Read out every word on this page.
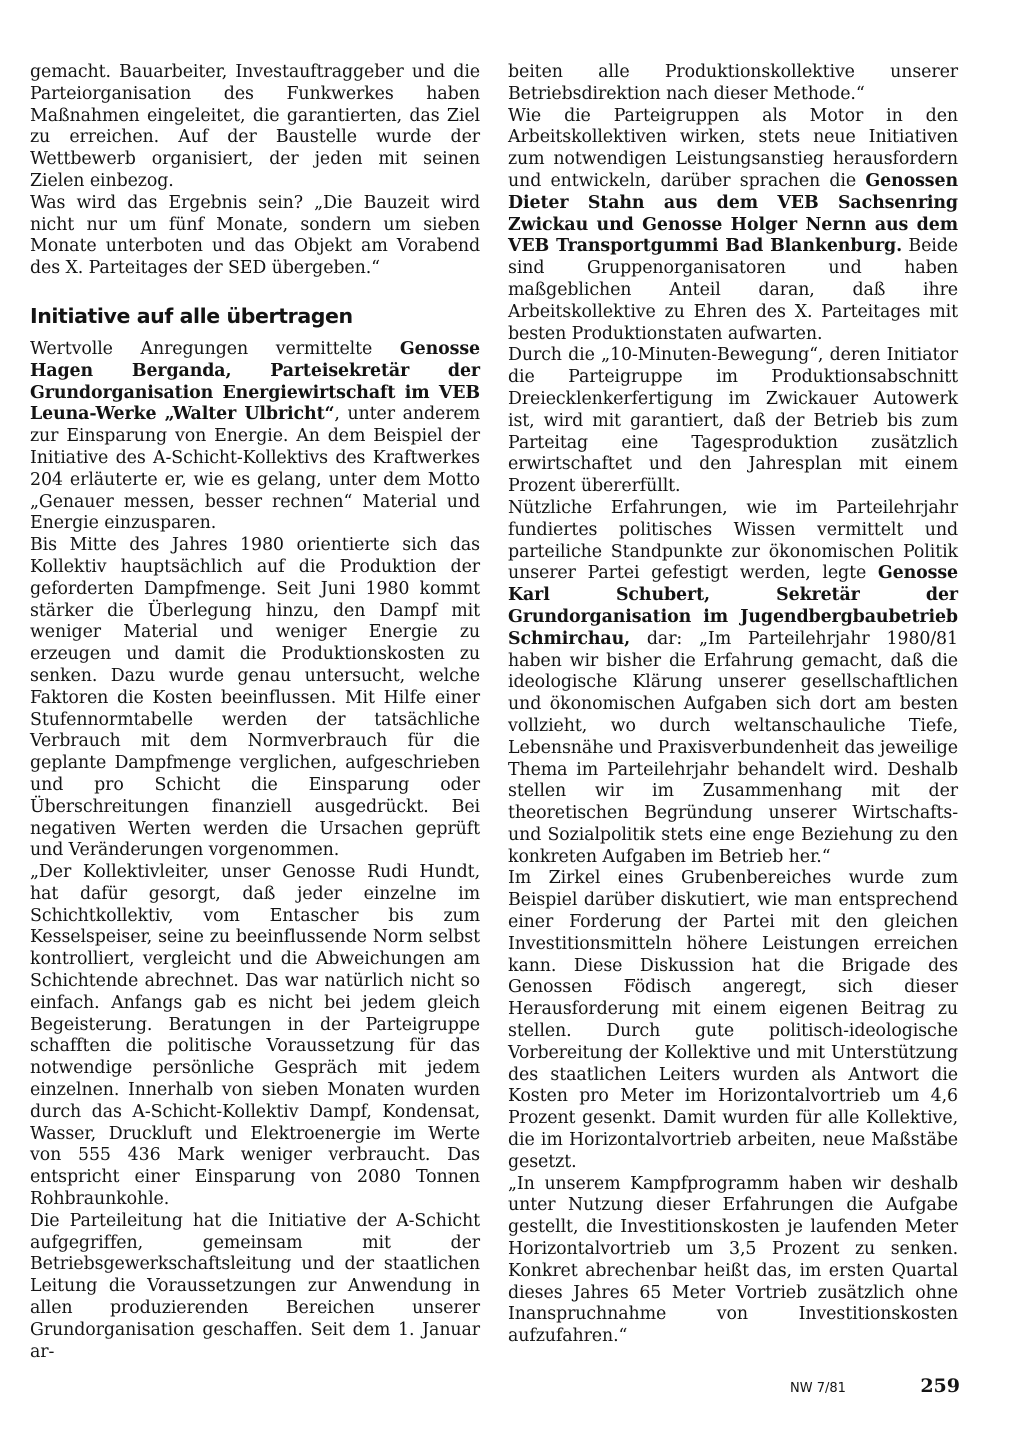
gemacht. Bauarbeiter, Investauftraggeber und die Parteiorganisation des Funkwerkes haben Maßnahmen eingeleitet, die garantierten, das Ziel zu erreichen. Auf der Baustelle wurde der Wettbewerb organisiert, der jeden mit seinen Zielen einbezog.

Was wird das Ergebnis sein? „Die Bauzeit wird nicht nur um fünf Monate, sondern um sieben Monate unterboten und das Objekt am Vorabend des X. Parteitages der SED übergeben.“

Initiative auf alle übertragen

Wertvolle Anregungen vermittelte Genosse Hagen Berganda, Parteisekretär der Grundorganisation Energiewirtschaft im VEB Leuna-Werke „Walter Ulbricht“, unter anderem zur Einsparung von Energie. An dem Beispiel der Initiative des A-Schicht-Kollektivs des Kraftwerkes 204 erläuterte er, wie es gelang, unter dem Motto „Genauer messen, besser rechnen“ Material und Energie einzusparen.

Bis Mitte des Jahres 1980 orientierte sich das Kollektiv hauptsächlich auf die Produktion der geforderten Dampfmenge. Seit Juni 1980 kommt stärker die Überlegung hinzu, den Dampf mit weniger Material und weniger Energie zu erzeugen und damit die Produktionskosten zu senken. Dazu wurde genau untersucht, welche Faktoren die Kosten beeinflussen. Mit Hilfe einer Stufennormtabelle werden der tatsächliche Verbrauch mit dem Normverbrauch für die geplante Dampfmenge verglichen, aufgeschrieben und pro Schicht die Einsparung oder Überschreitungen finanziell ausgedrückt. Bei negativen Werten werden die Ursachen geprüft und Veränderungen vorgenommen.

„Der Kollektivleiter, unser Genosse Rudi Hundt, hat dafür gesorgt, daß jeder einzelne im Schichtkollektiv, vom Entascher bis zum Kesselspeiser, seine zu beeinflussende Norm selbst kontrolliert, vergleicht und die Abweichungen am Schichtende abrechnet. Das war natürlich nicht so einfach. Anfangs gab es nicht bei jedem gleich Begeisterung. Beratungen in der Parteigruppe schafften die politische Voraussetzung für das notwendige persönliche Gespräch mit jedem einzelnen. Innerhalb von sieben Monaten wurden durch das A-Schicht-Kollektiv Dampf, Kondensat, Wasser, Druckluft und Elektroenergie im Werte von 555 436 Mark weniger verbraucht. Das entspricht einer Einsparung von 2080 Tonnen Rohbraunkohle.

Die Parteileitung hat die Initiative der A-Schicht aufgegriffen, gemeinsam mit der Betriebsgewerkschaftsleitung und der staatlichen Leitung die Voraussetzungen zur Anwendung in allen produzierenden Bereichen unserer Grundorganisation geschaffen. Seit dem 1. Januar ar-

beiten alle Produktionskollektive unserer Betriebsdirektion nach dieser Methode.“

Wie die Parteigruppen als Motor in den Arbeitskollektiven wirken, stets neue Initiativen zum notwendigen Leistungsanstieg herausfordern und entwickeln, darüber sprachen die Genossen Dieter Stahn aus dem VEB Sachsenring Zwickau und Genosse Holger Nernn aus dem VEB Transportgummi Bad Blankenburg. Beide sind Gruppenorganisatoren und haben maßgeblichen Anteil daran, daß ihre Arbeitskollektive zu Ehren des X. Parteitages mit besten Produktionstaten aufwarten.

Durch die „10-Minuten-Bewegung“, deren Initiator die Parteigruppe im Produktionsabschnitt Dreiecklenkerfertigung im Zwickauer Autowerk ist, wird mit garantiert, daß der Betrieb bis zum Parteitag eine Tagesproduktion zusätzlich erwirtschaftet und den Jahresplan mit einem Prozent übererfüllt.

Nützliche Erfahrungen, wie im Parteilehrjahr fundiertes politisches Wissen vermittelt und parteiliche Standpunkte zur ökonomischen Politik unserer Partei gefestigt werden, legte Genosse Karl Schubert, Sekretär der Grundorganisation im Jugendbergbaubetrieb Schmirchau, dar: „Im Parteilehrjahr 1980/81 haben wir bisher die Erfahrung gemacht, daß die ideologische Klärung unserer gesellschaftlichen und ökonomischen Aufgaben sich dort am besten vollzieht, wo durch weltanschauliche Tiefe, Lebensnähe und Praxisverbundenheit das jeweilige Thema im Parteilehrjahr behandelt wird. Deshalb stellen wir im Zusammenhang mit der theoretischen Begründung unserer Wirtschafts- und Sozialpolitik stets eine enge Beziehung zu den konkreten Aufgaben im Betrieb her.“

Im Zirkel eines Grubenbereiches wurde zum Beispiel darüber diskutiert, wie man entsprechend einer Forderung der Partei mit den gleichen Investitionsmitteln höhere Leistungen erreichen kann. Diese Diskussion hat die Brigade des Genossen Födisch angeregt, sich dieser Herausforderung mit einem eigenen Beitrag zu stellen. Durch gute politisch-ideologische Vorbereitung der Kollektive und mit Unterstützung des staatlichen Leiters wurden als Antwort die Kosten pro Meter im Horizontalvortrieb um 4,6 Prozent gesenkt. Damit wurden für alle Kollektive, die im Horizontalvortrieb arbeiten, neue Maßstäbe gesetzt.

„In unserem Kampfprogramm haben wir deshalb unter Nutzung dieser Erfahrungen die Aufgabe gestellt, die Investitionskosten je laufenden Meter Horizontalvortrieb um 3,5 Prozent zu senken. Konkret abrechenbar heißt das, im ersten Quartal dieses Jahres 65 Meter Vortrieb zusätzlich ohne Inanspruchnahme von Investitionskosten aufzufahren.“

NW 7/81	259
